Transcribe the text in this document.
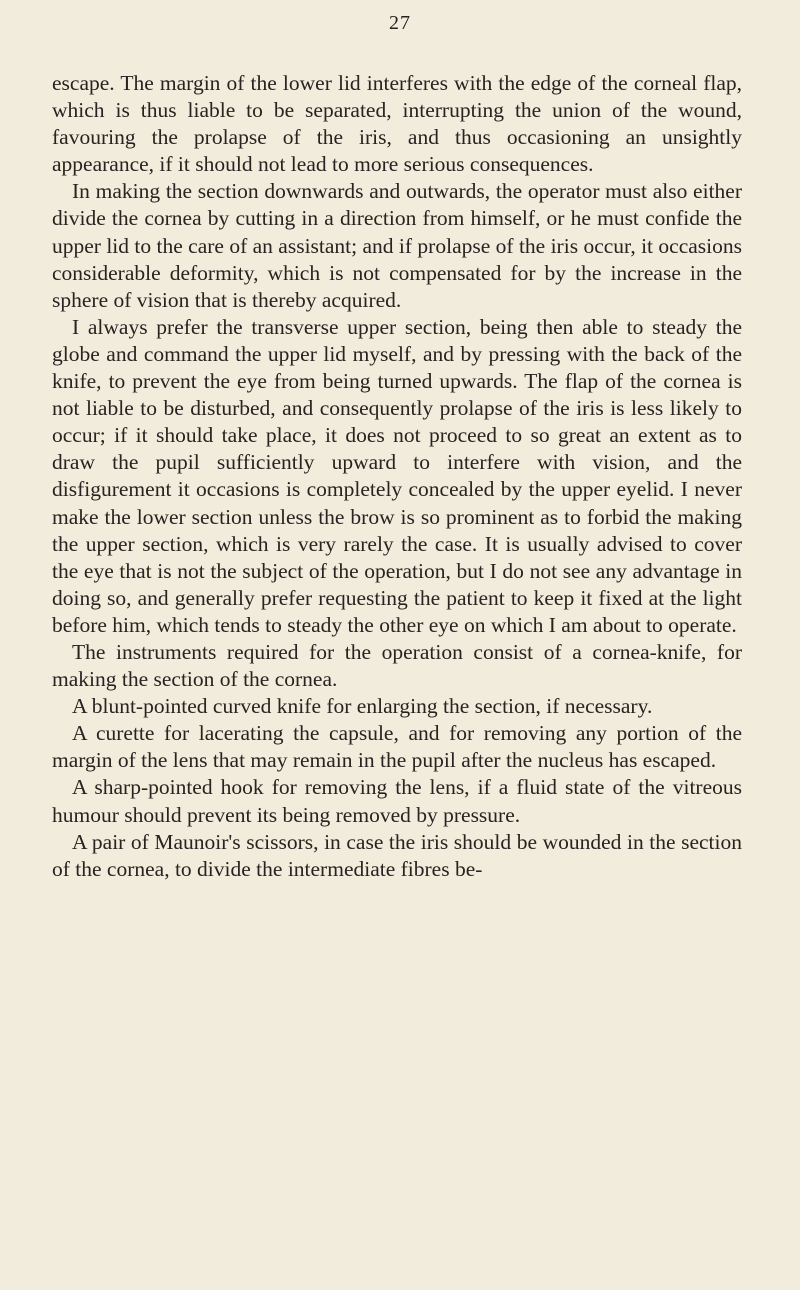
27

escape. The margin of the lower lid interferes with the edge of the corneal flap, which is thus liable to be separated, interrupting the union of the wound, favouring the prolapse of the iris, and thus occasioning an unsightly appearance, if it should not lead to more serious consequences.

In making the section downwards and outwards, the operator must also either divide the cornea by cutting in a direction from himself, or he must confide the upper lid to the care of an assistant; and if prolapse of the iris occur, it occasions considerable deformity, which is not compensated for by the increase in the sphere of vision that is thereby acquired.

I always prefer the transverse upper section, being then able to steady the globe and command the upper lid myself, and by pressing with the back of the knife, to prevent the eye from being turned upwards. The flap of the cornea is not liable to be disturbed, and consequently prolapse of the iris is less likely to occur; if it should take place, it does not proceed to so great an extent as to draw the pupil sufficiently upward to interfere with vision, and the disfigurement it occasions is completely concealed by the upper eyelid. I never make the lower section unless the brow is so prominent as to forbid the making the upper section, which is very rarely the case. It is usually advised to cover the eye that is not the subject of the operation, but I do not see any advantage in doing so, and generally prefer requesting the patient to keep it fixed at the light before him, which tends to steady the other eye on which I am about to operate.

The instruments required for the operation consist of a cornea-knife, for making the section of the cornea.

A blunt-pointed curved knife for enlarging the section, if necessary.

A curette for lacerating the capsule, and for removing any portion of the margin of the lens that may remain in the pupil after the nucleus has escaped.

A sharp-pointed hook for removing the lens, if a fluid state of the vitreous humour should prevent its being removed by pressure.

A pair of Maunoir's scissors, in case the iris should be wounded in the section of the cornea, to divide the intermediate fibres be-
